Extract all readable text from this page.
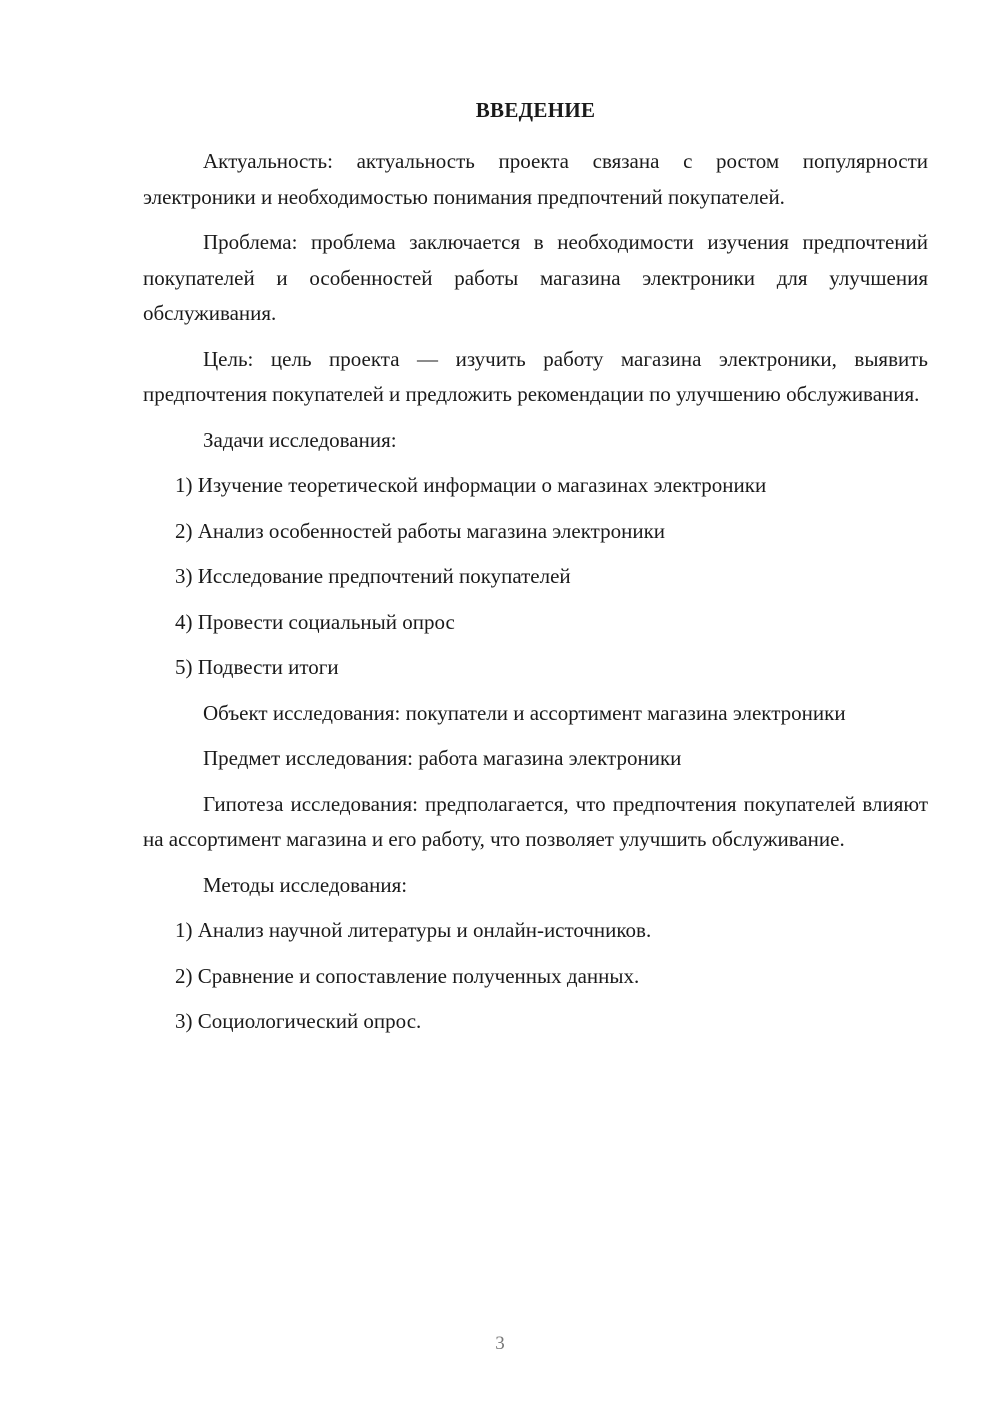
ВВЕДЕНИЕ

Актуальность: актуальность проекта связана с ростом популярности электроники и необходимостью понимания предпочтений покупателей.

Проблема: проблема заключается в необходимости изучения предпочтений покупателей и особенностей работы магазина электроники для улучшения обслуживания.

Цель: цель проекта — изучить работу магазина электроники, выявить предпочтения покупателей и предложить рекомендации по улучшению обслуживания.

Задачи исследования:

1) Изучение теоретической информации о магазинах электроники

2) Анализ особенностей работы магазина электроники

3) Исследование предпочтений покупателей

4) Провести социальный опрос

5) Подвести итоги

Объект исследования: покупатели и ассортимент магазина электроники

Предмет исследования: работа магазина электроники

Гипотеза исследования: предполагается, что предпочтения покупателей влияют на ассортимент магазина и его работу, что позволяет улучшить обслуживание.

Методы исследования:

1) Анализ научной литературы и онлайн-источников.

2) Сравнение и сопоставление полученных данных.

3) Социологический опрос.

3
